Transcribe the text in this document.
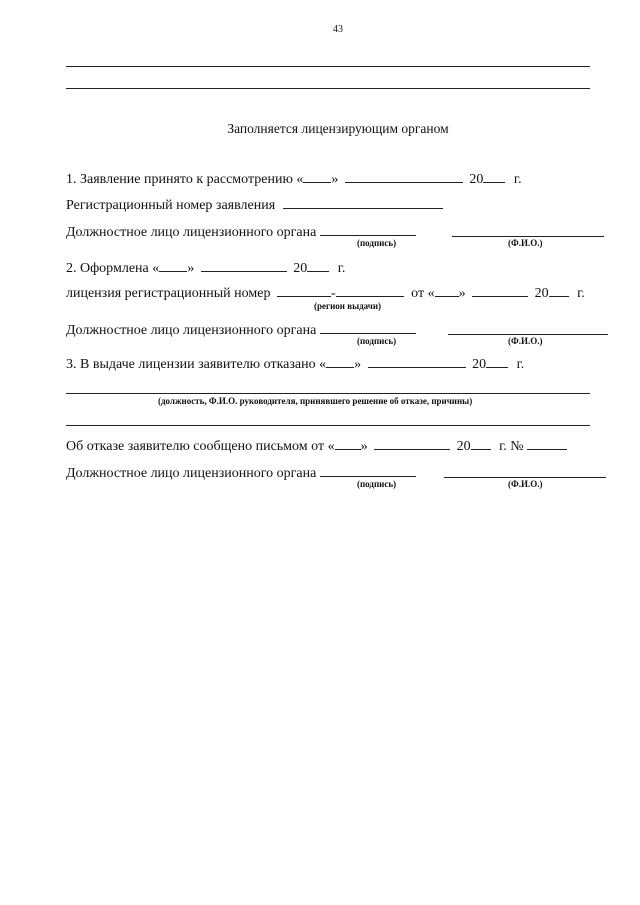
43
Заполняется лицензирующим органом
1. Заявление принято к рассмотрению « »	20 г.
Регистрационный номер заявления
Должностное лицо лицензионного органа
(подпись)	(Ф.И.О.)
2. Оформлена « »	20 г.
лицензия регистрационный номер	-	от « »	20 г.
(регион выдачи)
Должностное лицо лицензионного органа
(подпись)	(Ф.И.О.)
3. В выдаче лицензии заявителю отказано « »	20 г.
(должность, Ф.И.О. руководителя, принявшего решение об отказе, причины)
Об отказе заявителю сообщено письмом от « »	20 г. №
Должностное лицо лицензионного органа
(подпись)	(Ф.И.О.)
